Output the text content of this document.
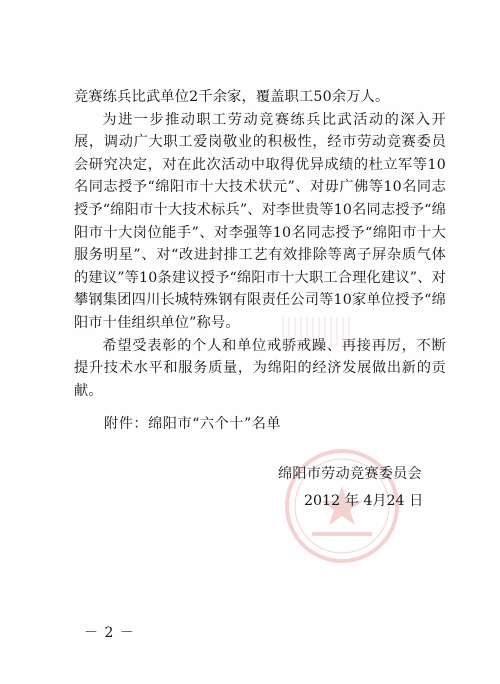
竞赛练兵比武单位2千余家，覆盖职工50余万人。

为进一步推动职工劳动竞赛练兵比武活动的深入开展，调动广大职工爱岗敬业的积极性，经市劳动竞赛委员会研究决定，对在此次活动中取得优异成绩的杜立军等10名同志授予“绵阳市十大技术状元”、对毋广佛等10名同志授予“绵阳市十大技术标兵”、对李世贵等10名同志授予“绵阳市十大岗位能手”、对李强等10名同志授予“绵阳市十大服务明星”、对“改进封排工艺有效排除等离子屏杂质气体的建议”等10条建议授予“绵阳市十大职工合理化建议”、对攀钢集团四川长城特殊钢有限责任公司等10家单位授予“绵阳市十佳组织单位”称号。

希望受表彰的个人和单位戒骄戒躁、再接再厉，不断提升技术水平和服务质量，为绵阳的经济发展做出新的贡献。

附件：绵阳市“六个十”名单
绵阳市劳动竞赛委员会
2012 年 4月24 日
－ 2 －
